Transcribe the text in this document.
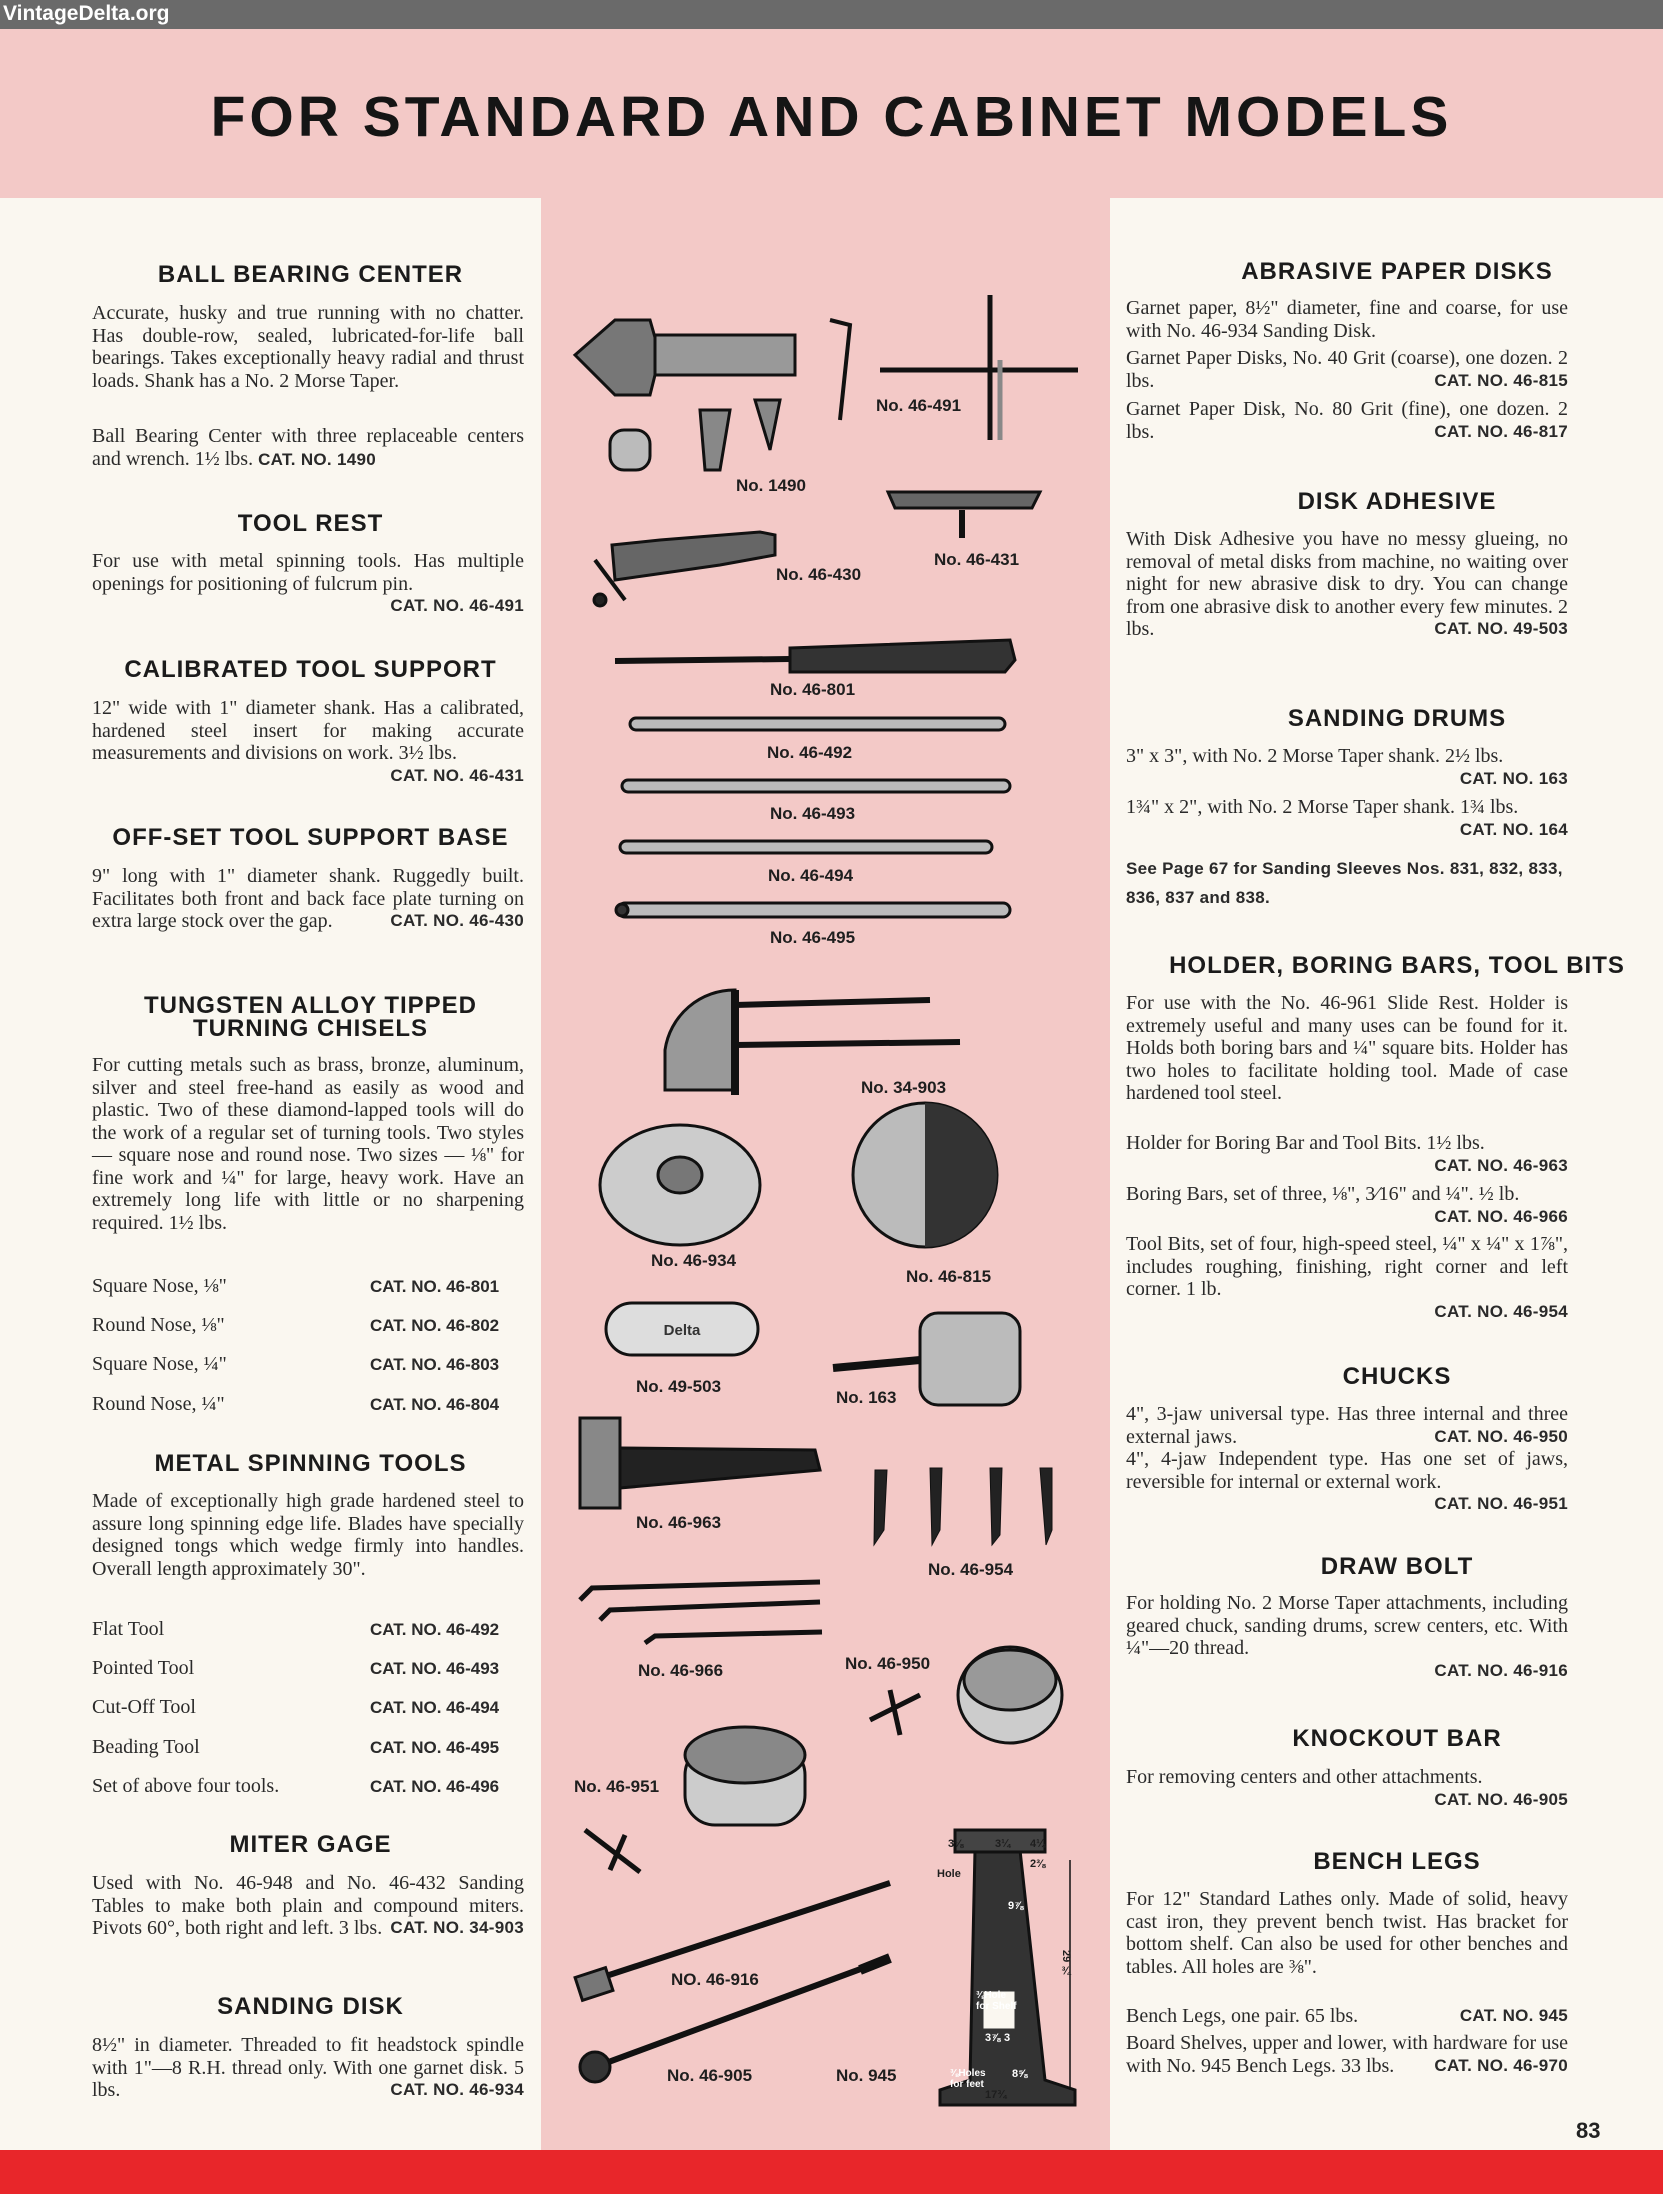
VintageDelta.org
FOR STANDARD AND CABINET MODELS
BALL BEARING CENTER
Accurate, husky and true running with no chatter. Has double-row, sealed, lubricated-for-life ball bearings. Takes exceptionally heavy radial and thrust loads. Shank has a No. 2 Morse Taper.
Ball Bearing Center with three replaceable centers and wrench. 1½ lbs. CAT. NO. 1490
TOOL REST
For use with metal spinning tools. Has multiple openings for positioning of fulcrum pin.
CAT. NO. 46-491
CALIBRATED TOOL SUPPORT
12" wide with 1" diameter shank. Has a calibrated, hardened steel insert for making accurate measurements and divisions on work. 3½ lbs.
CAT. NO. 46-431
OFF-SET TOOL SUPPORT BASE
9" long with 1" diameter shank. Ruggedly built. Facilitates both front and back face plate turning on extra large stock over the gap.	CAT. NO. 46-430
TUNGSTEN ALLOY TIPPED
TURNING CHISELS
For cutting metals such as brass, bronze, aluminum, silver and steel free-hand as easily as wood and plastic. Two of these diamond-lapped tools will do the work of a regular set of turning tools. Two styles — square nose and round nose. Two sizes — ⅛" for fine work and ¼" for large, heavy work. Have an extremely long life with little or no sharpening required. 1½ lbs.
Square Nose, ⅛"	CAT. NO. 46-801
Round Nose, ⅛"	CAT. NO. 46-802
Square Nose, ¼"	CAT. NO. 46-803
Round Nose, ¼"	CAT. NO. 46-804
METAL SPINNING TOOLS
Made of exceptionally high grade hardened steel to assure long spinning edge life. Blades have specially designed tongs which wedge firmly into handles. Overall length approximately 30".
Flat Tool	CAT. NO. 46-492
Pointed Tool	CAT. NO. 46-493
Cut-Off Tool	CAT. NO. 46-494
Beading Tool	CAT. NO. 46-495
Set of above four tools.	CAT. NO. 46-496
MITER GAGE
Used with No. 46-948 and No. 46-432 Sanding Tables to make both plain and compound miters. Pivots 60°, both right and left. 3 lbs. CAT. NO. 34-903
SANDING DISK
8½" in diameter. Threaded to fit headstock spindle with 1"—8 R.H. thread only. With one garnet disk. 5 lbs.	CAT. NO. 46-934
ABRASIVE PAPER DISKS
Garnet paper, 8½" diameter, fine and coarse, for use with No. 46-934 Sanding Disk.
Garnet Paper Disks, No. 40 Grit (coarse), one dozen. 2 lbs.	CAT. NO. 46-815
Garnet Paper Disk, No. 80 Grit (fine), one dozen. 2 lbs.	CAT. NO. 46-817
DISK ADHESIVE
With Disk Adhesive you have no messy glueing, no removal of metal disks from machine, no waiting over night for new abrasive disk to dry. You can change from one abrasive disk to another every few minutes. 2 lbs.	CAT. NO. 49-503
SANDING DRUMS
3" x 3", with No. 2 Morse Taper shank. 2½ lbs.
CAT. NO. 163
1¾" x 2", with No. 2 Morse Taper shank. 1¾ lbs.
CAT. NO. 164
See Page 67 for Sanding Sleeves Nos. 831, 832, 833, 836, 837 and 838.
HOLDER, BORING BARS, TOOL BITS
For use with the No. 46-961 Slide Rest. Holder is extremely useful and many uses can be found for it. Holds both boring bars and ¼" square bits. Holder has two holes to facilitate holding tool. Made of case hardened tool steel.
Holder for Boring Bar and Tool Bits. 1½ lbs.
CAT. NO. 46-963
Boring Bars, set of three, ⅛", 3⁄16" and ¼". ½ lb.
CAT. NO. 46-966
Tool Bits, set of four, high-speed steel, ¼" x ¼" x 1⅞", includes roughing, finishing, right corner and left corner. 1 lb.
CAT. NO. 46-954
CHUCKS
4", 3-jaw universal type. Has three internal and three external jaws.	CAT. NO. 46-950
4", 4-jaw Independent type. Has one set of jaws, reversible for internal or external work.
CAT. NO. 46-951
DRAW BOLT
For holding No. 2 Morse Taper attachments, including geared chuck, sanding drums, screw centers, etc. With ¼"—20 thread.
CAT. NO. 46-916
KNOCKOUT BAR
For removing centers and other attachments.
CAT. NO. 46-905
BENCH LEGS
For 12" Standard Lathes only. Made of solid, heavy cast iron, they prevent bench twist. Has bracket for bottom shelf. Can also be used for other benches and tables. All holes are ⅜".
Bench Legs, one pair. 65 lbs.	CAT. NO. 945
Board Shelves, upper and lower, with hardware for use with No. 945 Bench Legs. 33 lbs. CAT. NO. 46-970
Delta
No. 1490
No. 46-491
No. 46-430
No. 46-431
No. 46-801
No. 46-492
No. 46-493
No. 46-494
No. 46-495
No. 34-903
No. 46-934
No. 46-815
No. 49-503
No. 163
No. 46-963
No. 46-954
No. 46-966	No. 46-950
No. 46-951
NO. 46-916
No. 46-905	No. 945
3⅛	3¼ 4¼
2⅜
9⅞
29 ¾
⅜Hole for Shelf
3⅞ 3
⅜Holes for feet
8⅝
17¾
Hole
83
